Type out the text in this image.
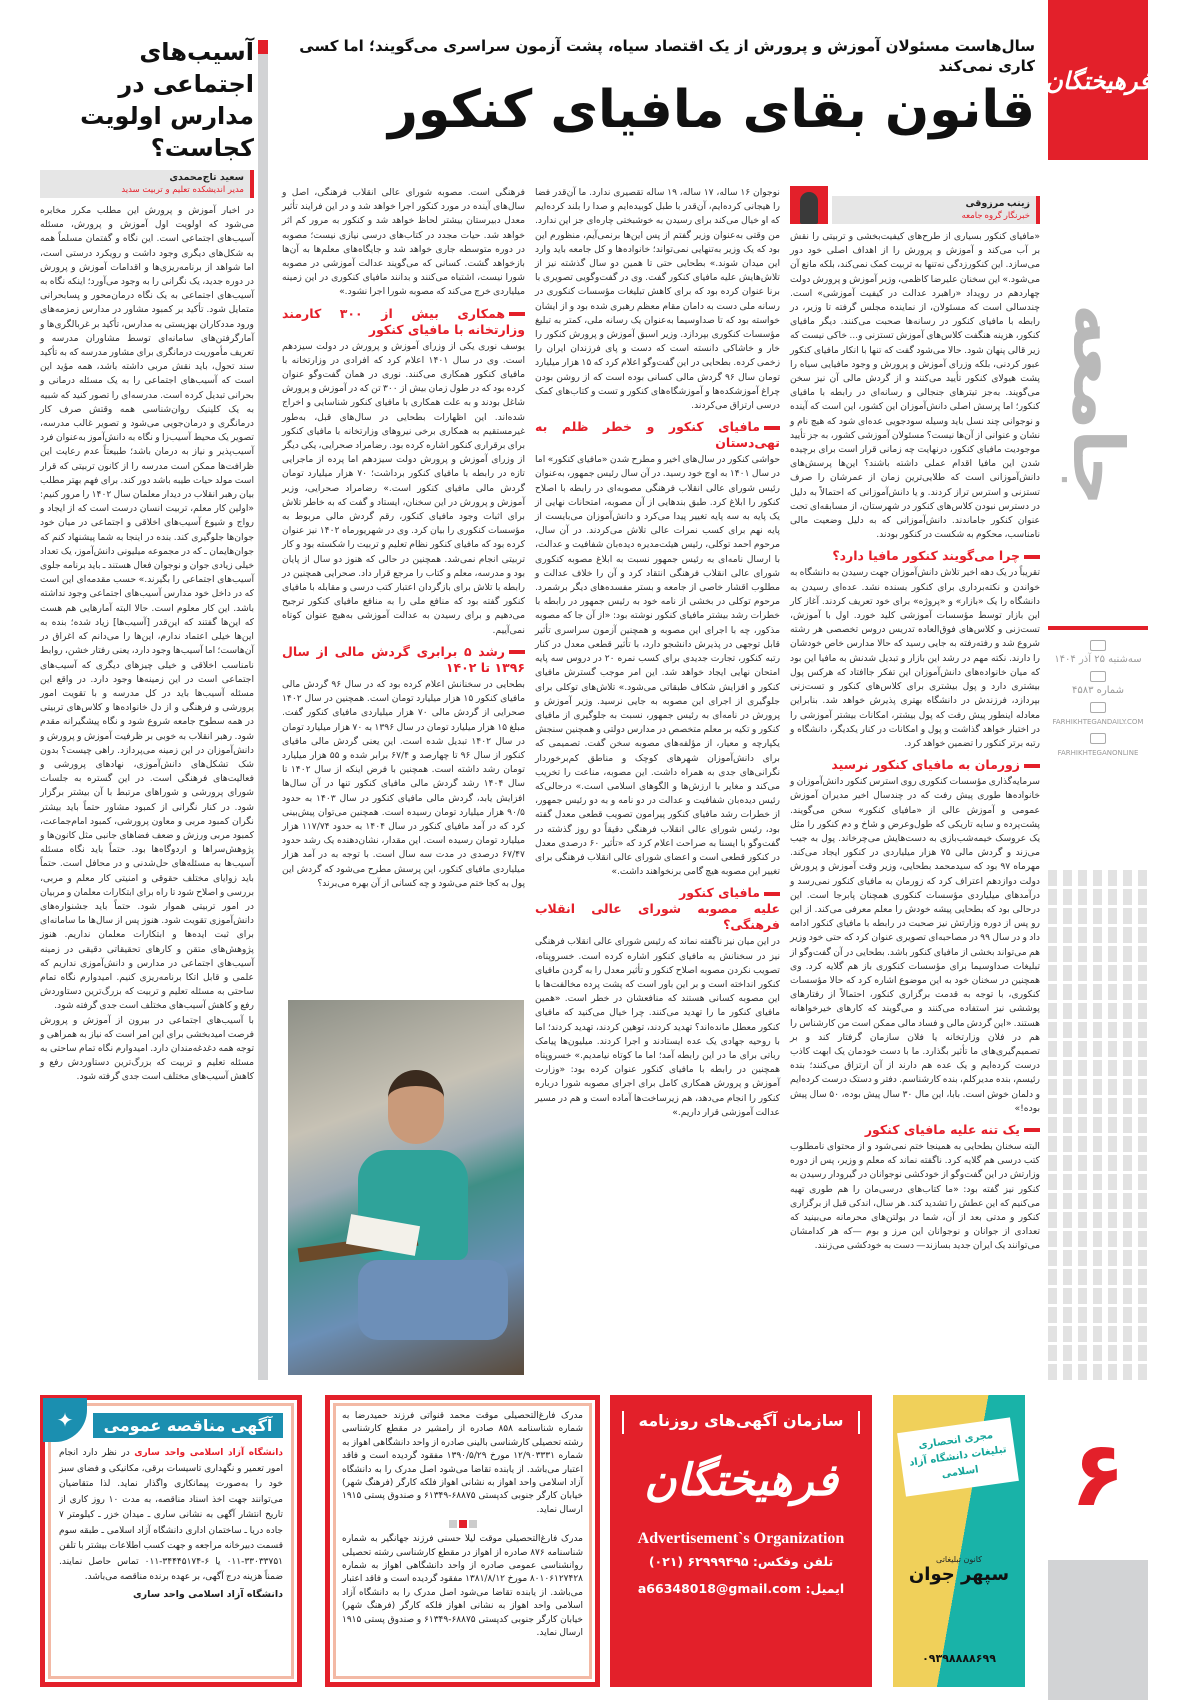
فرهیختگان
جامعه
سه‌شنبه ۲۵ آذر ۱۴۰۴
شماره ۴۵۸۳
FARHIKHTEGANDAILY.COM
FARHIKHTEGANONLINE
۶
سال‌هاست مسئولان آموزش و پرورش از یک اقتصاد سیاه، پشت آزمون سراسری می‌گویند؛ اما کسی کاری نمی‌کند
قانون بقای مافیای کنکور
زینب مرزوقی
خبرنگار گروه جامعه

«مافیای کنکور بسیاری از طرح‌های کیفیت‌بخشی و تربیتی را نقش بر آب می‌کند و آموزش و پرورش را از اهداف اصلی خود دور می‌سازد. این کنکورزدگی نه‌تنها به تربیت کمک نمی‌کند، بلکه مانع آن می‌شود.» این سخنان علیرضا کاظمی، وزیر آموزش و پرورش دولت چهاردهم در رویداد «راهبرد عدالت در کیفیت آموزشی» است. چندسالی است که مسئولان، از نماینده مجلس گرفته تا وزیر، در رابطه با مافیای کنکور در رسانه‌ها صحبت می‌کنند. دیگر مافیای کنکور، هزینه هنگفت کلاس‌های آموزش تستزنی و... خاکی نیست که زیر قالی پنهان شود. حالا می‌شود گفت که تنها با انکار مافیای کنکور عبور کردنی، بلکه وزرای آموزش و پرورش و وجود مافیایی سیاه را پشت هیولای کنکور تأیید می‌کنند و از گردش مالی آن نیز سخن می‌گویند. به‌جز تیترهای جنجالی و رسانه‌ای در رابطه با مافیای کنکور؛ اما پرسش اصلی دانش‌آموزان این کشور، این است که آینده و نوجوانی چند نسل باید وسیله سودجویی عده‌ای شود که هیچ نام و نشان و عنوانی از آن‌ها نیست؟ مسئولان آموزشی کشور، به جز تأیید موجودیت مافیای کنکور، درنهایت چه زمانی قرار است برای برچیده شدن این مافیا اقدام عملی داشته باشند؟ این‌ها پرسش‌های دانش‌آموزانی است که طلایی‌ترین زمان از عمرشان را صرف تستزنی و استرس تراز کردند. و یا دانش‌آموزانی که احتمالاً به دلیل در دسترس نبودن کلاس‌های کنکور در شهرستان، از مسابقه‌ای تحت عنوان کنکور جاماندند. دانش‌آموزانی که به دلیل وضعیت مالی نامناسب، محکوم به شکست در کنکور بودند.

چرا می‌گویند کنکور مافیا دارد؟

تقریباً در یک دهه اخیر تلاش دانش‌آموزان جهت رسیدن به دانشگاه به خواندن و نکته‌برداری برای کنکور بسنده نشد. عده‌ای رسیدن به دانشگاه را یک «بازار» و «پروژه» برای خود تعریف کردند. آغاز کار این بازار توسط مؤسسات آموزشی کلید خورد. اول با آموزش، تست‌زنی و کلاس‌های فوق‌العاده تدریس دروس تخصصی هر رشته شروع شد و رفته‌رفته به جایی رسید که حالا مدارس خاص خودشان را دارند. نکته مهم در رشد این بازار و تبدیل شدنش به مافیا این بود که میان خانواده‌های دانش‌آموزان این تفکر جاافتاد که هرکس پول بیشتری دارد و پول بیشتری برای کلاس‌های کنکور و تست‌زنی بپردازد، فرزندش در دانشگاه بهتری پذیرش خواهد شد. بنابراین معادله اینطور پیش رفت که پول بیشتر، امکانات بیشتر آموزشی را در اختیار خواهد گذاشت و پول و امکانات در کنار یکدیگر، دانشگاه و رتبه برتر کنکور را تضمین خواهد کرد.

زورمان به مافیای کنکور نرسید

سرمایه‌گذاری مؤسسات کنکوری روی استرس کنکور دانش‌آموزان و خانواده‌ها طوری پیش رفت که در چندسال اخیر مدیران آموزش عمومی و آموزش عالی از «مافیای کنکور» سخن می‌گویند. پشت‌پرده و سایه تاریکی که طول‌وعرض و شاخ و دم کنکور را مثل یک عروسک خیمه‌شب‌بازی به دست‌هایش می‌چرخاند. پول به جیب می‌زند و گردش مالی ۷۵ هزار میلیاردی در کنکور ایجاد می‌کند. مهرماه ۹۷ بود که سیدمحمد بطحایی، وزیر وقت آموزش و پرورش دولت دوازدهم اعتراف کرد که زورمان به مافیای کنکور نمی‌رسد و درآمدهای میلیاردی مؤسسات کنکوری همچنان پابرجا است. این درحالی بود که بطحایی پیشه خودش را معلم معرفی می‌کند. از این رو پس از دوره وزارتش نیز صحبت در رابطه با مافیای کنکور ادامه داد و در سال ۹۹ در مصاحبه‌ای تصویری عنوان کرد که حتی خود وزیر هم می‌تواند بخشی از مافیای کنکور باشد. بطحایی در آن گفت‌وگو از تبلیغات صداوسیما برای مؤسسات کنکوری باز هم گلایه کرد. وی همچنین در سخنان خود به این موضوع اشاره کرد که حالا مؤسسات کنکوری، با توجه به قدمت برگزاری کنکور، احتمالاً از رفتارهای پوششی نیز استفاده می‌کنند و می‌گویند که کارهای خیرخواهانه هستند. «این گردش مالی و فساد مالی ممکن است من کارشناس را هم در فلان وزارتخانه یا فلان سازمان گرفتار کند و بر تصمیم‌گیری‌های ما تأثیر بگذارد. ما با دست خودمان یک ابهت کاذب درست کرده‌ایم و یک عده هم دارند از آن ارتزاق می‌کنند؛ بنده رئیسم، بنده مدیرکلم، بنده کارشناسم. دفتر و دستک درست کرده‌ایم و دلمان خوش است. بابا، این مال ۳۰ سال پیش بوده، ۵۰ سال پیش بوده!»

یک تنه علیه مافیای کنکور

البته سخنان بطحایی به همینجا ختم نمی‌شود و از محتوای نامطلوب کتب درسی هم گلایه کرد. ناگفته نماند که معلم و وزیر، پس از دوره وزارتش در این گفت‌وگو از خودکشی نوجوانان در گیرودار رسیدن به کنکور نیز گفته بود: «ما کتاب‌های درسی‌مان را هم طوری تهیه می‌کنیم که این عطش را تشدید کند. هر سال، اندکی قبل از برگزاری کنکور و مدتی بعد از آن، شما در بولتن‌های محرمانه می‌بینید که تعدادی از جوانان و نوجوانان این مرز و بوم —که هر کدامشان می‌توانند یک ایران جدید بسازند— دست به خودکشی می‌زنند.

نوجوان ۱۶ ساله، ۱۷ ساله، ۱۹ ساله تقصیری ندارد. ما آن‌قدر فضا را هیجانی کرده‌ایم، آن‌قدر با طبل کوبیده‌ایم و صدا را بلند کرده‌ایم که او خیال می‌کند برای رسیدن به خوشبختی چاره‌ای جز این ندارد. من وقتی به‌عنوان وزیر گفتم از پس این‌ها برنمی‌آیم، منظورم این بود که یک وزیر به‌تنهایی نمی‌تواند؛ خانواده‌ها و کل جامعه باید وارد این میدان شوند.» بطحایی حتی تا همین دو سال گذشته نیز از تلاش‌هایش علیه مافیای کنکور گفت. وی در گفت‌وگویی تصویری با برنا عنوان کرده بود که برای کاهش تبلیغات مؤسسات کنکوری در رسانه ملی دست به دامان مقام معظم رهبری شده بود و از ایشان خواسته بود که تا صداوسیما به‌عنوان یک رسانه ملی، کمتر به تبلیغ مؤسسات کنکوری بپردازد. وزیر اسبق آموزش و پرورش کنکور را خار و خاشاکی دانسته است که دست و پای فرزندان ایران را زخمی کرده. بطحایی در این گفت‌وگو اعلام کرد که ۱۵ هزار میلیارد تومان سال ۹۶ گردش مالی کسانی بوده است که از روشن بودن چراغ آموزشکده‌ها و آموزشگاه‌های کنکور و تست و کتاب‌های کمک درسی ارتزاق می‌کردند.

مافیای کنکور و خطر ظلم به تهی‌دستان

حواشی کنکور در سال‌های اخیر و مطرح شدن «مافیای کنکور» اما در سال ۱۴۰۱ به اوج خود رسید. در آن سال رئیس جمهور، به‌عنوان رئیس شورای عالی انقلاب فرهنگی مصوبه‌ای در رابطه با اصلاح کنکور را ابلاغ کرد. طبق بندهایی از آن مصوبه، امتحانات نهایی از یک پایه به سه پایه تغییر پیدا می‌کرد و دانش‌آموزان می‌بایست از پایه نهم برای کسب نمرات عالی تلاش می‌کردند. در آن سال، مرحوم احمد توکلی، رئیس هیئت‌مدیره دیده‌بان شفافیت و عدالت، با ارسال نامه‌ای به رئیس جمهور نسبت به ابلاغ مصوبه کنکوری شورای عالی انقلاب فرهنگی انتقاد کرد و آن را خلاف عدالت و مطلوب اقشار خاصی از جامعه و بستر مفسده‌های دیگر برشمرد. مرحوم توکلی در بخشی از نامه خود به رئیس جمهور در رابطه با خطرات رشد بیشتر مافیای کنکور نوشته بود: «از آن جا که مصوبه مذکور، چه با اجرای این مصوبه و همچنین آزمون سراسری تأثیر قابل توجهی در پذیرش دانشجو دارد، با تأثیر قطعی معدل در کنار رتبه کنکور، تجارت جدیدی برای کسب نمره ۲۰ در دروس سه پایه امتحان نهایی ایجاد خواهد شد. این امر موجب گسترش مافیای کنکور و افزایش شکاف طبقاتی می‌شود.» تلاش‌های توکلی برای جلوگیری از اجرای این مصوبه به جایی نرسید. وزیر آموزش و پرورش در نامه‌ای به رئیس جمهور، نسبت به جلوگیری از مافیای کنکور و تکیه بر معلم متخصص در مدارس دولتی و همچنین سنجش یکپارچه و معیار، از مؤلفه‌های مصوبه سخن گفت. تصمیمی که برای دانش‌آموزان شهرهای کوچک و مناطق کم‌برخوردار نگرانی‌های جدی به همراه داشت. این مصوبه، مناعت را تخریب می‌کند و مغایر با ارزش‌ها و الگوهای اسلامی است.» درحالی‌که رئیس دیده‌بان شفافیت و عدالت در دو نامه و به دو رئیس جمهور، از خطرات رشد مافیای کنکور پیرامون تصویب قطعی معدل گفته بود، رئیس شورای عالی انقلاب فرهنگی دقیقاً دو روز گذشته در گفت‌وگو با ایسنا به صراحت اعلام کرد که «تأثیر ۶۰ درصدی معدل در کنکور قطعی است و اعضای شورای عالی انقلاب فرهنگی برای تغییر این مصوبه هیچ گامی برنخواهند داشت.»

مافیای کنکور
علیه مصوبه شورای عالی انقلاب فرهنگی؟

در این میان نیز ناگفته نماند که رئیس شورای عالی انقلاب فرهنگی نیز در سخنانش به مافیای کنکور اشاره کرده است. خسروپناه، تصویب نکردن مصوبه اصلاح کنکور و تأثیر معدل را به گردن مافیای کنکور انداخته است و بر این باور است که پشت پرده مخالفت‌ها با این مصوبه کسانی هستند که منافعشان در خطر است. «همین مافیای کنکور ما را تهدید می‌کنند. چرا خیال می‌کنید که مافیای کنکور معطل مانده‌اند؟ تهدید کردند، توهین کردند، تهدید کردند؛ اما با روحیه جهادی یک عده ایستادند و اجرا کردند. میلیون‌ها پیامک رباتی برای ما در این رابطه آمد؛ اما ما کوتاه نیامدیم.» خسروپناه همچنین در رابطه با مافیای کنکور عنوان کرده بود: «وزارت آموزش و پرورش همکاری کامل برای اجرای مصوبه شورا درباره کنکور را انجام می‌دهد، هم زیرساخت‌ها آماده است و هم در مسیر عدالت آموزشی قرار داریم.»

فرهنگی است. مصوبه شورای عالی انقلاب فرهنگی، اصل و سال‌های آینده در مورد کنکور اجرا خواهد شد و در این فرایند تأثیر معدل دبیرستان بیشتر لحاظ خواهد شد و کنکور به مرور کم اثر خواهد شد. حیات مجدد در کتاب‌های درسی نیازی نیست؛ مصوبه در دوره متوسطه جاری خواهد شد و جایگاه‌های معلم‌ها به آن‌ها بازخواهد گشت. کسانی که می‌گویند عدالت آموزشی در مصوبه شورا نیست، اشتباه می‌کنند و بدانند مافیای کنکوری در این زمینه میلیاردی خرج می‌کند که مصوبه شورا اجرا نشود.»

همکاری بیش از ۳۰۰ کارمند وزارتخانه با مافیای کنکور

یوسف نوری یکی از وزرای آموزش و پرورش در دولت سیزدهم است. وی در سال ۱۴۰۱ اعلام کرد که افرادی در وزارتخانه با مافیای کنکور همکاری می‌کنند. نوری در همان گفت‌وگو عنوان کرده بود که در طول زمان بیش از ۳۰۰ تن که در آموزش و پرورش شاغل بودند و به علت همکاری با مافیای کنکور شناسایی و اخراج شده‌اند. این اظهارات بطحایی در سال‌های قبل، به‌طور غیرمستقیم به همکاری برخی نیروهای وزارتخانه با مافیای کنکور برای برقراری کنکور اشاره کرده بود. رضامراد صحرایی، یکی دیگر از وزرای آموزش و پرورش دولت سیزدهم اما پرده از ماجرایی تازه در رابطه با مافیای کنکور برداشت؛ ۷۰ هزار میلیارد تومان گردش مالی مافیای کنکور است.» رضامراد صحرایی، وزیر آموزش و پرورش در این سخنان، ایستاد و گفت که به خاطر تلاش برای اثبات وجود مافیای کنکور، رقم گردش مالی مربوط به مؤسسات کنکوری را بیان کرد. وی در شهریورماه ۱۴۰۲ نیز عنوان کرده بود که مافیای کنکور نظام تعلیم و تربیت را شکسته بود و کار تربیتی انجام نمی‌شد. همچنین در حالی که هنوز دو سال از پایان بود و مدرسه، معلم و کتاب را مرجع قرار داد. صحرایی همچنین در رابطه با تلاش برای بازگردان اعتبار کتب درسی و مقابله با مافیای کنکور گفته بود که منافع ملی را به منافع مافیای کنکور ترجیح می‌دهیم و برای رسیدن به عدالت آموزشی به‌هیچ عنوان کوتاه نمی‌آییم.

رشد ۵ برابری گردش مالی از سال ۱۳۹۶ تا ۱۴۰۲

بطحایی در سخنانش اعلام کرده بود که در سال ۹۶ گردش مالی مافیای کنکور ۱۵ هزار میلیارد تومان است. همچنین در سال ۱۴۰۲ صحرایی از گردش مالی ۷۰ هزار میلیاردی مافیای کنکور گفت. مبلغ ۱۵ هزار میلیارد تومان در سال ۱۳۹۶ به ۷۰ هزار میلیارد تومان در سال ۱۴۰۲ تبدیل شده است. این یعنی گردش مالی مافیای کنکور از سال ۹۶ تا چهارصد و ۶۷/۴ برابر شده و ۵۵ هزار میلیارد تومان رشد داشته است. همچنین با فرض اینکه از سال ۱۴۰۲ تا سال ۱۴۰۴ رشد گردش مالی مافیای کنکور تنها در آن سال‌ها افزایش یابد، گردش مالی مافیای کنکور در سال ۱۴۰۳ به حدود ۹۰/۵ هزار میلیارد تومان رسیده است. همچنین می‌توان پیش‌بینی کرد که در آمد مافیای کنکور در سال ۱۴۰۴ به حدود ۱۱۷/۷۴ هزار میلیارد تومان رسیده است. این مقدار، نشان‌دهنده یک رشد حدود ۶۷/۴۷ درصدی در مدت سه سال است. با توجه به در آمد هزار میلیاردی مافیای کنکور، این پرسش مطرح می‌شود که گردش این پول به کجا ختم می‌شود و چه کسانی از آن بهره می‌برند؟

آسیب‌های اجتماعی در مدارس اولویت کجاست؟
سعید تاج‌محمدی
مدیر اندیشکده تعلیم و تربیت سدید

در اخبار آموزش و پرورش این مطلب مکرر مخابره می‌شود که اولویت اول آموزش و پرورش، مسئله آسیب‌های اجتماعی است. این نگاه و گفتمان مسلماً همه به شکل‌های دیگری وجود داشت و رویکرد درستی است، اما شواهد از برنامه‌ریزی‌ها و اقدامات آموزش و پرورش در دوره جدید، یک نگرانی را به وجود می‌آورد؛ اینکه نگاه به آسیب‌های اجتماعی به یک نگاه درمان‌محور و پسابحرانی متمایل شود. تأکید بر کمبود مشاور در مدارس زمزمه‌های ورود مددکاران بهزیستی به مدارس، تأکید بر غربالگری‌ها و آمارگرفتن‌های سامانه‌ای توسط مشاوران مدرسه و تعریف مأموریت درمانگری برای مشاور مدرسه که به تأکید سند تحول، باید نقش مربی داشته باشد، همه مؤید این است که آسیب‌های اجتماعی را به یک مسئله درمانی و بحرانی تبدیل کرده است. مدرسه‌ای را تصور کنید که شبیه به یک کلینیک روان‌شناسی همه وقتش صرف کار درمانگری و درمان‌جویی می‌شود و تصویر غالب مدرسه، تصویر یک محیط آسیب‌زا و نگاه به دانش‌آموز به‌عنوان فرد آسیب‌پذیر و نیاز به درمان باشد؛ طبیعتاً عدم رعایت این ظرافت‌ها ممکن است مدرسه را از کانون تربیتی که قرار است مولد حیات طیبه باشد دور کند. برای فهم بهتر مطلب بیان رهبر انقلاب در دیدار معلمان سال ۱۴۰۲ را مرور کنیم: «اولین کار معلم، تربیت انسان درست است که از ایجاد و رواج و شیوع آسیب‌های اخلاقی و اجتماعی در میان خود جوان‌ها جلوگیری کند. بنده در اینجا به شما پیشنهاد کنم که جوان‌هایمان ـ که در مجموعه میلیونی دانش‌آموز، یک تعداد خیلی زیادی جوان و نوجوان فعال هستند ـ باید برنامه جلوی آسیب‌های اجتماعی را بگیرند.» حسب مقدمه‌ای این است که در داخل خود مدارس آسیب‌های اجتماعی وجود نداشته باشد. این کار معلوم است. حالا البته آمارهایی هم هست که این‌ها گفتند که این‌قدر [آسیب‌ها] زیاد شده؛ بنده به این‌ها خیلی اعتماد ندارم، این‌ها را می‌دانم که اغراق در آن‌هاست؛ اما آسیب‌ها وجود دارد، یعنی رفتار خشن، روابط نامناسب اخلاقی و خیلی چیزهای دیگری که آسیب‌های اجتماعی است در این زمینه‌ها وجود دارد. در واقع این مسئله آسیب‌ها باید در کل مدرسه و با تقویت امور پرورشی و فرهنگی و از دل خانواده‌ها و کلاس‌های تربیتی در همه سطوح جامعه شروع شود و نگاه پیشگیرانه مقدم شود. رهبر انقلاب به خوبی بر ظرفیت آموزش و پرورش و دانش‌آموزان در این زمینه می‌پردازد. راهی چیست؟ بدون شک تشکل‌های دانش‌آموزی، نهادهای پرورشی و فعالیت‌های فرهنگی است. در این گستره به جلسات شورای پرورشی و شوراهای مرتبط با آن بیشتر برگزار شود. در کنار نگرانی از کمبود مشاور حتماً باید بیشتر نگران کمبود مربی و معاون پرورشی، کمبود امام‌جماعت، کمبود مربی ورزش و ضعف فضاهای جانبی مثل کانون‌ها و پژوهش‌سراها و اردوگاه‌ها بود. حتماً باید نگاه مسئله آسیب‌ها به مسئله‌های حل‌شدنی و در محافل است. حتماً باید زوایای مختلف حقوقی و امنیتی کار معلم و مربی، بررسی و اصلاح شود تا راه برای ابتکارات معلمان و مربیان در امور تربیتی هموار شود. حتماً باید جشنواره‌های دانش‌آموزی تقویت شود. هنوز پس از سال‌ها ما سامانه‌ای برای ثبت ایده‌ها و ابتکارات معلمان نداریم. هنوز پژوهش‌های متقن و کارهای تحقیقاتی دقیقی در زمینه آسیب‌های اجتماعی در مدارس و دانش‌آموزی نداریم که علمی و قابل اتکا برنامه‌ریزی کنیم. امیدوارم نگاه تمام ساحتی به مسئله تعلیم و تربیت که بزرگ‌ترین دستاوردش رفع و کاهش آسیب‌های مختلف است جدی گرفته شود.

با آسیب‌های اجتماعی در بیرون از آموزش و پرورش فرصت امیدبخشی برای این امر است که نیاز به همراهی و توجه همه دغدغه‌مندان دارد. امیدوارم نگاه تمام ساحتی به مسئله تعلیم و تربیت که بزرگ‌ترین دستاوردش رفع و کاهش آسیب‌های مختلف است جدی گرفته شود.

✦	آگهی مناقصه عمومی
دانشگاه آزاد اسلامی واحد ساری در نظر دارد انجام امور تعمیر و نگهداری تاسیسات برقی، مکانیکی و فضای سبز خود را به‌صورت پیمانکاری واگذار نماید. لذا متقاضیان می‌توانند جهت اخذ اسناد مناقصه، به مدت ۱۰ روز کاری از تاریخ انتشار آگهی به نشانی ساری ـ میدان خزر ـ کیلومتر ۷ جاده دریا ـ ساختمان اداری دانشگاه آزاد اسلامی ـ طبقه سوم قسمت دبیرخانه مراجعه و جهت کسب اطلاعات بیشتر با تلفن ۳۳۰۳۳۷۵۱-۰۱۱ یا ۶-۳۴۴۴۵۱۷۴-۰۱۱ تماس حاصل نمایند. ضمناً هزینه درج آگهی، بر عهده برنده مناقصه می‌باشد.
دانشگاه آزاد اسلامی واحد ساری
مدرک فارغ‌التحصیلی موقت محمد قنواتی فرزند حمیدرضا به شماره شناسنامه ۸۵۸ صادره از رامشیر در مقطع کارشناسی رشته تحصیلی کارشناسی بالینی صادره از واحد دانشگاهی اهواز به شماره ۱۲/۹۰۳۳۳۱ مورخ ۱۳۹۰/۵/۲۹ مفقود گردیده است و فاقد اعتبار می‌باشد. از یابنده تقاضا می‌شود اصل مدرک را به دانشگاه آزاد اسلامی واحد اهواز به نشانی اهواز فلکه کارگر (فرهنگ شهر) خیابان کارگر جنوبی کدپستی ۶۸۸۷۵-۶۱۳۴۹ و صندوق پستی ۱۹۱۵ ارسال نماید.
مدرک فارغ‌التحصیلی موقت لیلا حسنی فرزند جهانگیر به شماره شناسنامه ۸۷۶ صادره از اهواز در مقطع کارشناسی رشته تحصیلی روانشناسی عمومی صادره از واحد دانشگاهی اهواز به شماره ۸۰۱۰۶۱۲۷۴۲۸ مورخ ۱۳۸۱/۸/۱۲ مفقود گردیده است و فاقد اعتبار می‌باشد. از یابنده تقاضا می‌شود اصل مدرک را به دانشگاه آزاد اسلامی واحد اهواز به نشانی اهواز فلکه کارگر (فرهنگ شهر) خیابان کارگر جنوبی کدپستی ۶۸۸۷۵-۶۱۳۴۹ و صندوق پستی ۱۹۱۵ ارسال نماید.
سازمان آگهی‌های روزنامه
فرهیختگان
Advertisement`s Organization
تلفن وفکس: ۶۲۹۹۹۴۹۵ (۰۲۱)
ایمیل: a66348018@gmail.com
مجری انحصاری تبلیغات دانشگاه آزاد اسلامی
کانون تبلیغاتی
سپهر جوان
۰۹۳۹۸۸۸۸۶۹۹
